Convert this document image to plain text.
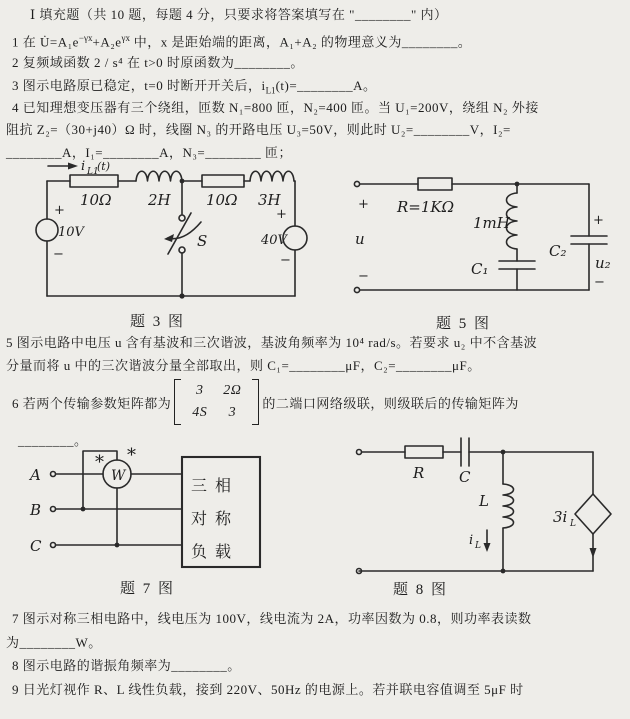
Ⅰ 填充题（共 10 题，每题 4 分，只要求将答案填写在 "________" 内）
1 在 $U̇=A_1e^{-\gamma x}+A_2e^{\gamma x}$ 中，x 是距始端的距离，A₁+A₂ 的物理意义为________。
2 复频域函数 2 / s⁴ 在 t>0 时原函数为________。
3 图示电路原已稳定，t=0 时断开开关后，$i_{L1}(t)=\_\_\_\_\_\_\_\_A$。
4 已知理想变压器有三个绕组，匝数 N₁=800 匝，N₂=400 匝。当 U₁=200V，绕组 N₂ 外接
阻抗 Z₂=（30+j40）Ω 时，线圈 N₃ 的开路电压 U₃=50V，则此时 U₂=________V，I₂=
________A，I₁=________A，N₃=________ 匝；
i L1
(t)
10Ω 2H 10Ω 3H
+
10V
−
S
+
40V
−
题 3 图
R=1KΩ
1mH
C₁
C₂
+
u₂
−
+
u
−
题 5 图
5 图示电路中电压 u 含有基波和三次谐波，基波角频率为 10⁴ rad/s。若要求 u₂ 中不含基波
分量而将 u 中的三次谐波分量全部取出，则 C₁=________μF，C₂=________μF。
6 若两个传输参数矩阵都为
3 2Ω
4S	3
的二端口网络级联，则级联后的传输矩阵为
________。
A
B
C
W
* *
三相
对称
负载
题 7 图
R C
L
i L
3i L
题 8 图
7 图示对称三相电路中，线电压为 100V，线电流为 2A，功率因数为 0.8，则功率表读数
为________W。
8 图示电路的谐振角频率为________。
9 日光灯视作 R、L 线性负载，接到 220V、50Hz 的电源上。若并联电容值调至 5μF 时
